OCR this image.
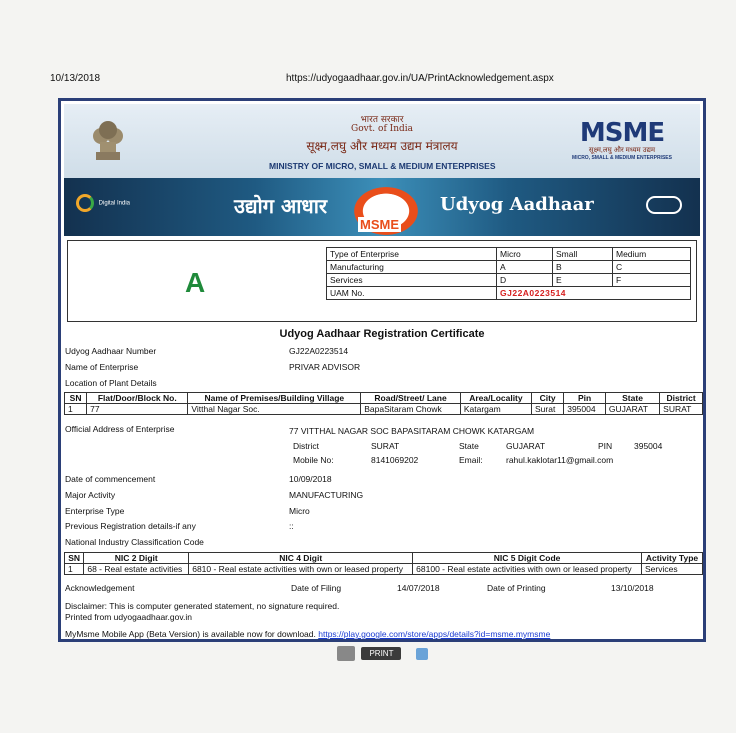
10/13/2018	https://udyogaadhaar.gov.in/UA/PrintAcknowledgement.aspx
भारत सरकार
Govt. of India
सूक्ष्म,लघु और मध्यम उद्यम मंत्रालय
MINISTRY OF MICRO, SMALL & MEDIUM ENTERPRISES
MSME
सूक्ष्म,लघु और मध्यम उद्यम
MICRO, SMALL & MEDIUM ENTERPRISES
Digital India	उद्योग आधार
MSME
Udyog Aadhaar
A
Type of Enterprise	Micro	Small	Medium
Manufacturing	A	B	C
Services	D	E	F
UAM No.	GJ22A0223514		
Udyog Aadhaar Registration Certificate
Udyog Aadhaar Number	GJ22A0223514
Name of Enterprise	PRIVAR ADVISOR
Location of Plant Details
SN	Flat/Door/Block No.	Name of Premises/Building Village	Road/Street/ Lane	Area/Locality	City	Pin	State	District
1	77	Vitthal Nagar Soc.	BapaSitaram Chowk	Katargam	Surat	395004	GUJARAT	SURAT
Official Address of Enterprise	77 VITTHAL NAGAR SOC BAPASITARAM CHOWK KATARGAM
District	SURAT	State	GUJARAT	PIN	395004
Mobile No:	8141069202	Email:	rahul.kaklotar11@gmail.com
Date of commencement	10/09/2018
Major Activity	MANUFACTURING
Enterprise Type	Micro
Previous Registration details-if any	::
National Industry Classification Code
SN	NIC 2 Digit	NIC 4 Digit	NIC 5 Digit Code	Activity Type
1	68 - Real estate activities	6810 - Real estate activities with own or leased property	68100 - Real estate activities with own or leased property	Services
Acknowledgement	Date of Filing	14/07/2018	Date of Printing	13/10/2018
Disclaimer: This is computer generated statement, no signature required.
Printed from udyogaadhaar.gov.in
MyMsme Mobile App (Beta Version) is available now for download. https://play.google.com/store/apps/details?id=msme.mymsme
PRINT
